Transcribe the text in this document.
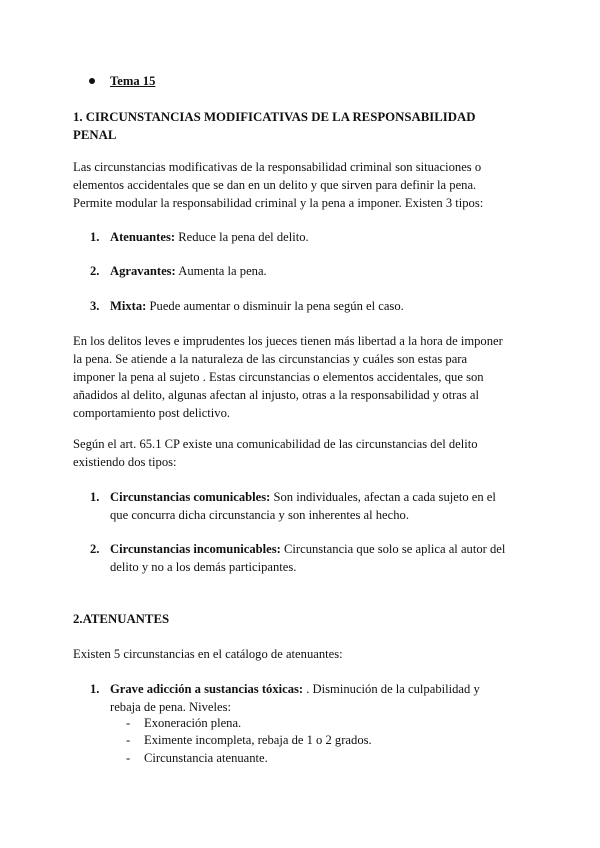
Tema 15
1. CIRCUNSTANCIAS MODIFICATIVAS DE LA RESPONSABILIDAD
PENAL
Las circunstancias modificativas de la responsabilidad criminal son situaciones o
elementos accidentales que se dan en un delito y que sirven para definir la pena.
Permite modular la responsabilidad criminal y la pena a imponer. Existen 3 tipos:
1. Atenuantes: Reduce la pena del delito.
2. Agravantes: Aumenta la pena.
3. Mixta: Puede aumentar o disminuir la pena según el caso.
En los delitos leves e imprudentes los jueces tienen más libertad a la hora de imponer
la pena. Se atiende a la naturaleza de las circunstancias y cuáles son estas para
imponer la pena al sujeto . Estas circunstancias o elementos accidentales, que son
añadidos al delito, algunas afectan al injusto, otras a la responsabilidad y otras al
comportamiento post delictivo.
Según el art. 65.1 CP existe una comunicabilidad de las circunstancias del delito
existiendo dos tipos:
1. Circunstancias comunicables: Son individuales, afectan a cada sujeto en el
que concurra dicha circunstancia y son inherentes al hecho.
2. Circunstancias incomunicables: Circunstancia que solo se aplica al autor del
delito y no a los demás participantes.
2.ATENUANTES
Existen 5 circunstancias en el catálogo de atenuantes:
1. Grave adicción a sustancias tóxicas: . Disminución de la culpabilidad y
rebaja de pena. Niveles:
- Exoneración plena.
- Eximente incompleta, rebaja de 1 o 2 grados.
- Circunstancia atenuante.
